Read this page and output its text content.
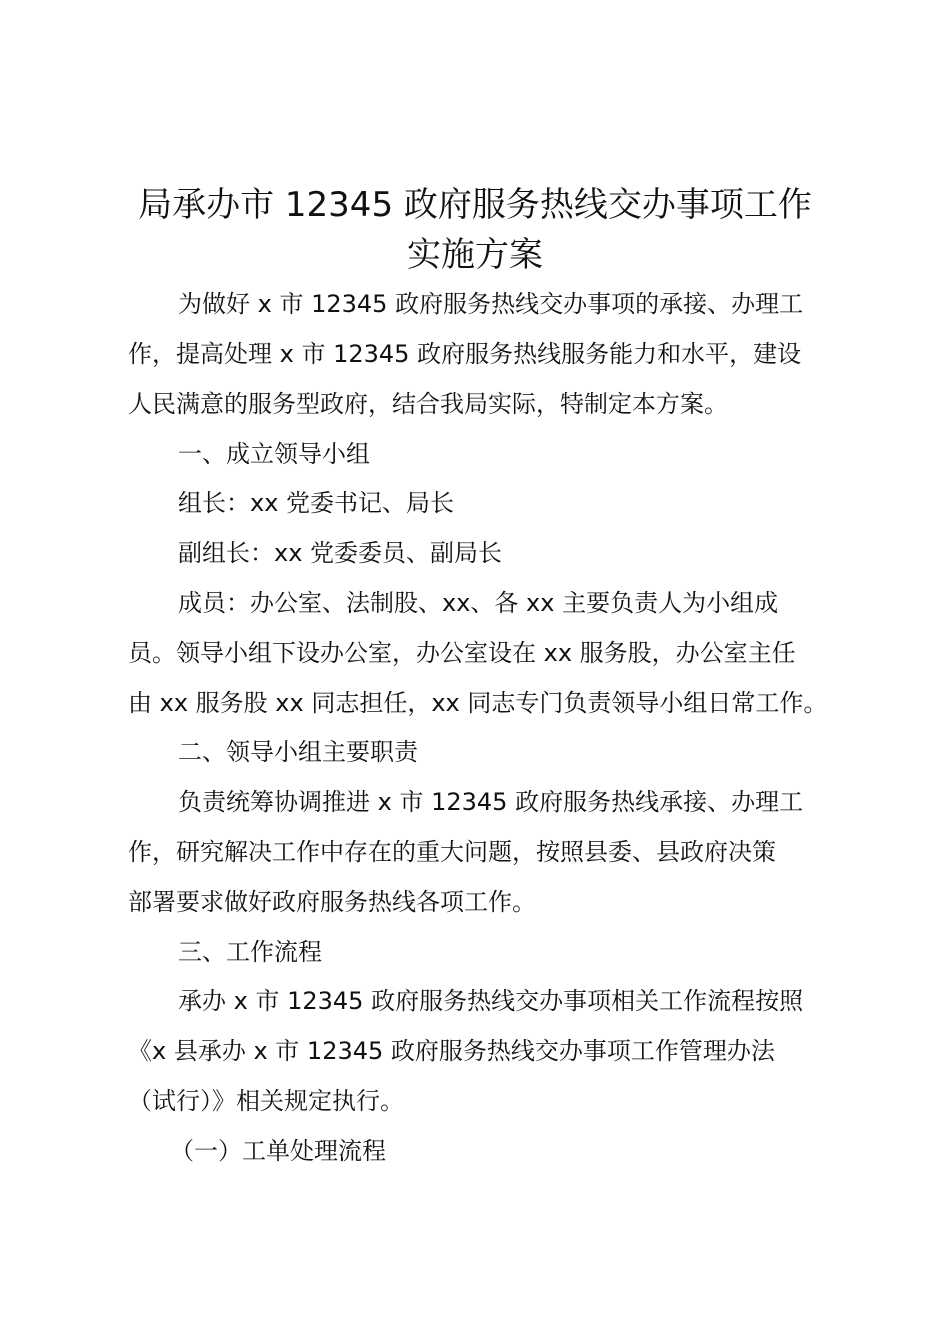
局承办市 12345 政府服务热线交办事项工作
实施方案

为做好 x 市 12345 政府服务热线交办事项的承接、办理工

作，提高处理 x 市 12345 政府服务热线服务能力和水平，建设

人民满意的服务型政府，结合我局实际，特制定本方案。

一、成立领导小组

组长：xx 党委书记、局长

副组长：xx 党委委员、副局长

成员：办公室、法制股、xx、各 xx 主要负责人为小组成

员。领导小组下设办公室，办公室设在 xx 服务股，办公室主任

由 xx 服务股 xx 同志担任，xx 同志专门负责领导小组日常工作。

二、领导小组主要职责

负责统筹协调推进 x 市 12345 政府服务热线承接、办理工

作，研究解决工作中存在的重大问题，按照县委、县政府决策

部署要求做好政府服务热线各项工作。

三、工作流程

承办 x 市 12345 政府服务热线交办事项相关工作流程按照

《x 县承办 x 市 12345 政府服务热线交办事项工作管理办法

（试行）》相关规定执行。

（一）工单处理流程
